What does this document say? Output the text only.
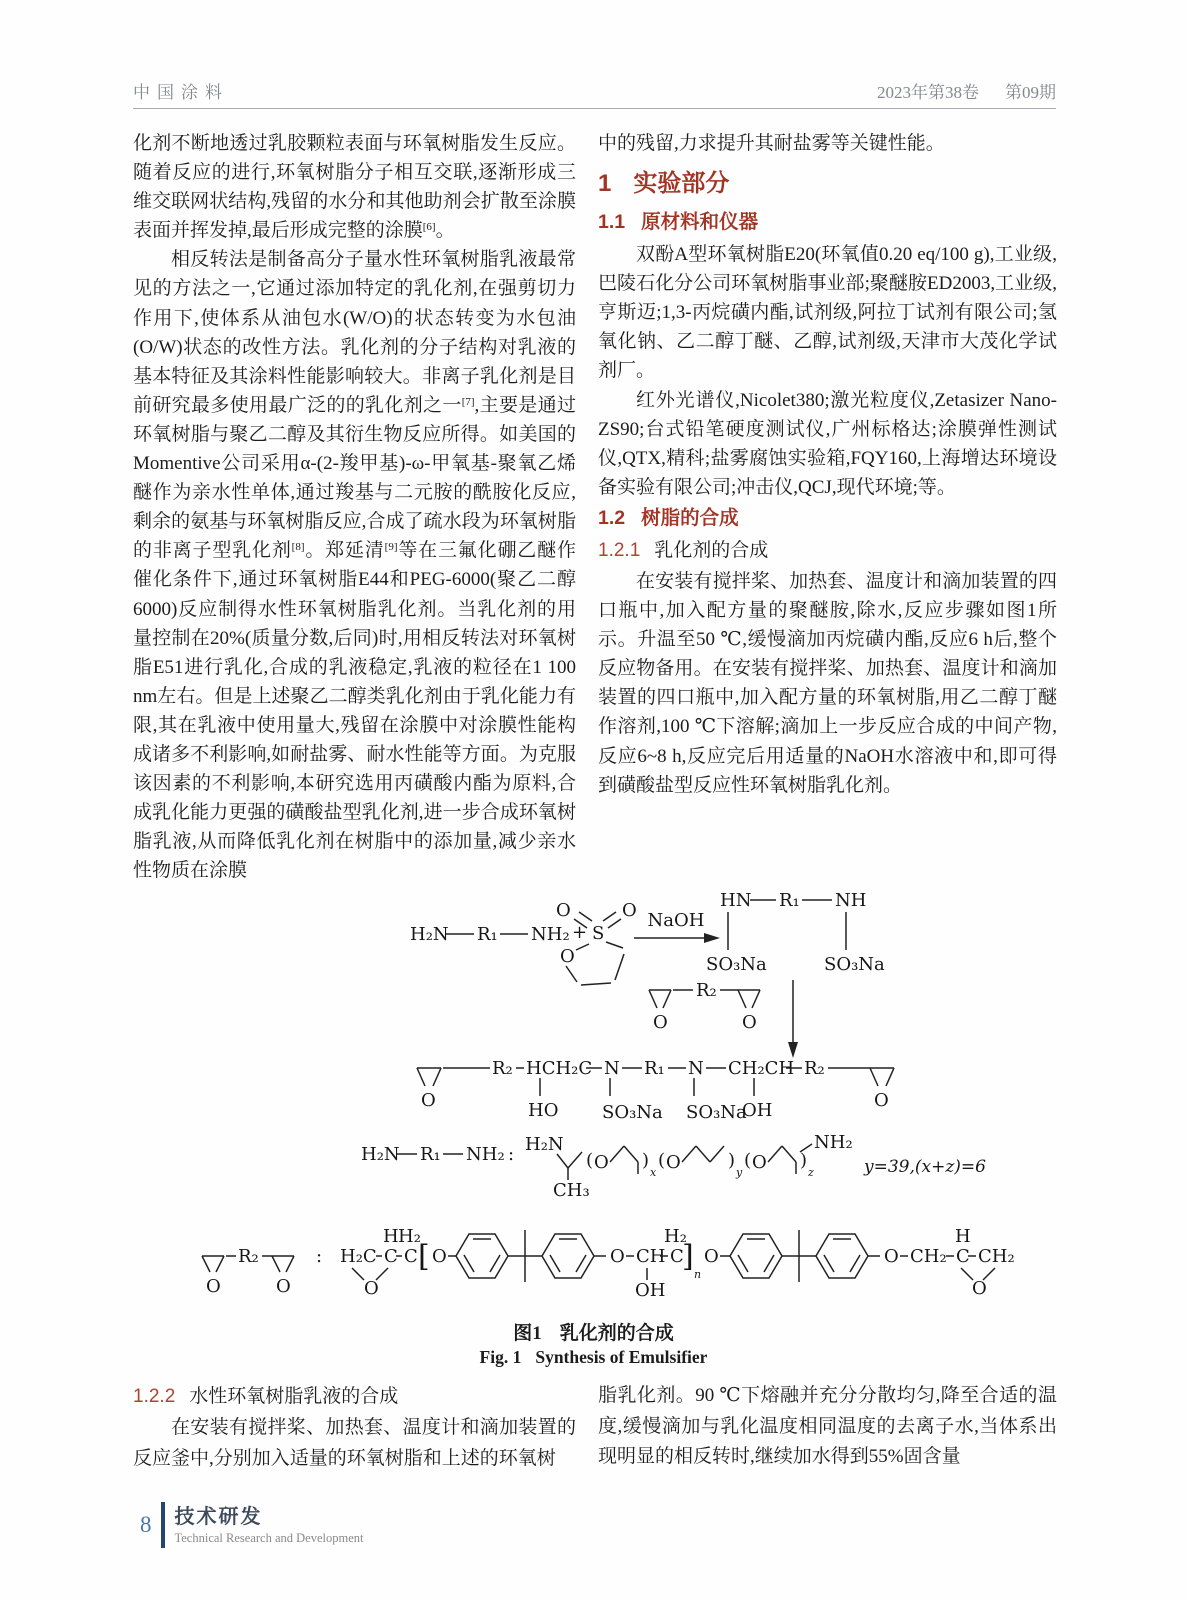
中国涂料	2023年第38卷 第09期

化剂不断地透过乳胶颗粒表面与环氧树脂发生反应。随着反应的进行,环氧树脂分子相互交联,逐渐形成三维交联网状结构,残留的水分和其他助剂会扩散至涂膜表面并挥发掉,最后形成完整的涂膜[6]。

相反转法是制备高分子量水性环氧树脂乳液最常见的方法之一,它通过添加特定的乳化剂,在强剪切力作用下,使体系从油包水(W/O)的状态转变为水包油(O/W)状态的改性方法。乳化剂的分子结构对乳液的基本特征及其涂料性能影响较大。非离子乳化剂是目前研究最多使用最广泛的的乳化剂之一[7],主要是通过环氧树脂与聚乙二醇及其衍生物反应所得。如美国的Momentive公司采用α-(2-羧甲基)-ω-甲氧基-聚氧乙烯醚作为亲水性单体,通过羧基与二元胺的酰胺化反应,剩余的氨基与环氧树脂反应,合成了疏水段为环氧树脂的非离子型乳化剂[8]。郑延清[9]等在三氟化硼乙醚作催化条件下,通过环氧树脂E44和PEG-6000(聚乙二醇6000)反应制得水性环氧树脂乳化剂。当乳化剂的用量控制在20%(质量分数,后同)时,用相反转法对环氧树脂E51进行乳化,合成的乳液稳定,乳液的粒径在1 100 nm左右。但是上述聚乙二醇类乳化剂由于乳化能力有限,其在乳液中使用量大,残留在涂膜中对涂膜性能构成诸多不利影响,如耐盐雾、耐水性能等方面。为克服该因素的不利影响,本研究选用丙磺酸内酯为原料,合成乳化能力更强的磺酸盐型乳化剂,进一步合成环氧树脂乳液,从而降低乳化剂在树脂中的添加量,减少亲水性物质在涂膜

中的残留,力求提升其耐盐雾等关键性能。

1 实验部分
1.1 原材料和仪器

双酚A型环氧树脂E20(环氧值0.20 eq/100 g),工业级,巴陵石化分公司环氧树脂事业部;聚醚胺ED2003,工业级,亨斯迈;1,3-丙烷磺内酯,试剂级,阿拉丁试剂有限公司;氢氧化钠、乙二醇丁醚、乙醇,试剂级,天津市大茂化学试剂厂。

红外光谱仪,Nicolet380;激光粒度仪,Zetasizer Nano-ZS90;台式铅笔硬度测试仪,广州标格达;涂膜弹性测试仪,QTX,精科;盐雾腐蚀实验箱,FQY160,上海增达环境设备实验有限公司;冲击仪,QCJ,现代环境;等。

1.2 树脂的合成
1.2.1 乳化剂的合成

在安装有搅拌桨、加热套、温度计和滴加装置的四口瓶中,加入配方量的聚醚胺,除水,反应步骤如图1所示。升温至50 ℃,缓慢滴加丙烷磺内酯,反应6 h后,整个反应物备用。在安装有搅拌桨、加热套、温度计和滴加装置的四口瓶中,加入配方量的环氧树脂,用乙二醇丁醚作溶剂,100 ℃下溶解;滴加上一步反应合成的中间产物,反应6~8 h,反应完后用适量的NaOH水溶液中和,即可得到磺酸盐型反应性环氧树脂乳化剂。

H₂N R₁ NH₂ + S
O	O
O
NaOH
HN R₁ NH
SO₃Na	SO₃Na
O
R₂
O
O
R₂ HCH₂C N R₁ N CH₂CH R₂
O
HO SO₃Na SO₃Na
OH
H₂N R₁ NH₂ : H₂N
CH₃
( O )
x
( O	)
y
( O )
z
NH₂
y=39,(x+z)=6
O
R₂
O
: H₂C C
H
C
H₂
O
[ O	O CH
OH
C
H₂
]
n
O	O CH₂ C
H
CH₂
O
图1 乳化剂的合成
Fig. 1 Synthesis of Emulsifier
1.2.2 水性环氧树脂乳液的合成

在安装有搅拌桨、加热套、温度计和滴加装置的反应釜中,分别加入适量的环氧树脂和上述的环氧树

脂乳化剂。90 ℃下熔融并充分分散均匀,降至合适的温度,缓慢滴加与乳化温度相同温度的去离子水,当体系出现明显的相反转时,继续加水得到55%固含量

8 技术研发
Technical Research and Development
